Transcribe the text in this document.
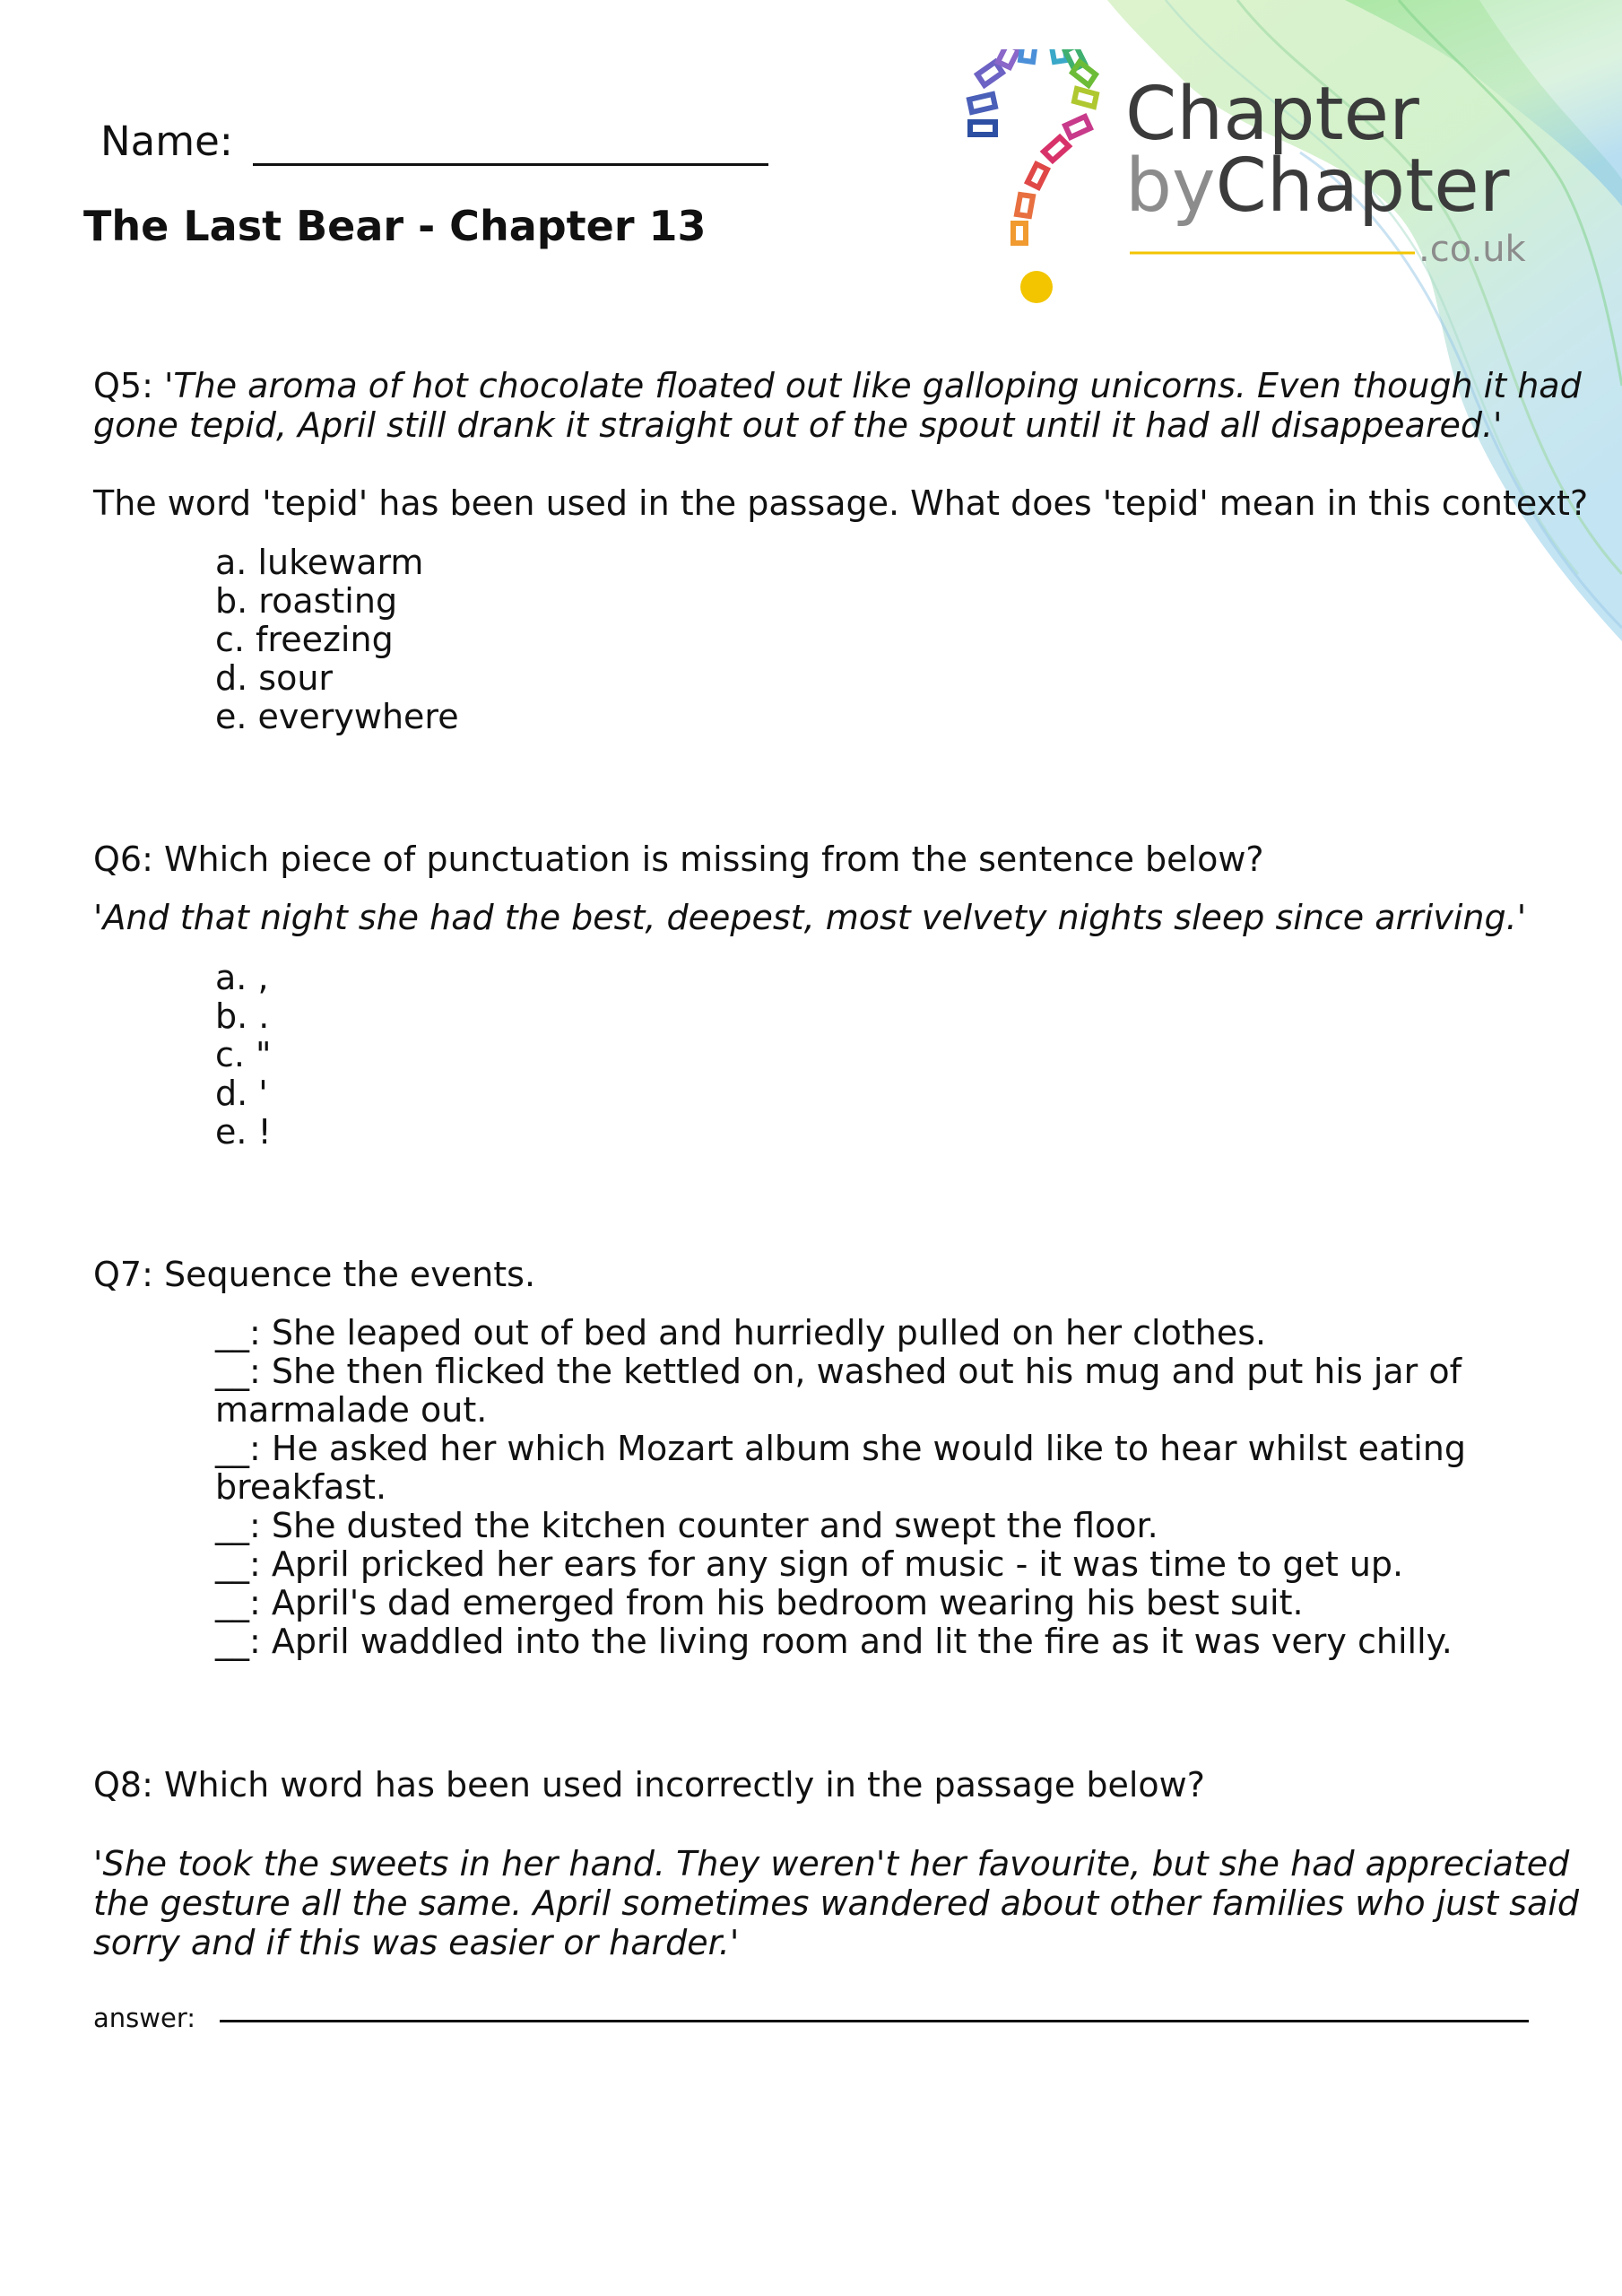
Chapter
byChapter
.co.uk
Name:
The Last Bear - Chapter 13
Q5: 'The aroma of hot chocolate floated out like galloping unicorns. Even though it had
gone tepid, April still drank it straight out of the spout until it had all disappeared.'
The word 'tepid' has been used in the passage. What does 'tepid' mean in this context?
a. lukewarm
b. roasting
c. freezing
d. sour
e. everywhere
Q6: Which piece of punctuation is missing from the sentence below?
'And that night she had the best, deepest, most velvety nights sleep since arriving.'
a. ,
b. .
c. "
d. '
e. !
Q7: Sequence the events.
__: She leaped out of bed and hurriedly pulled on her clothes.
__: She then flicked the kettled on, washed out his mug and put his jar of
marmalade out.
__: He asked her which Mozart album she would like to hear whilst eating
breakfast.
__: She dusted the kitchen counter and swept the floor.
__: April pricked her ears for any sign of music - it was time to get up.
__: April's dad emerged from his bedroom wearing his best suit.
__: April waddled into the living room and lit the fire as it was very chilly.
Q8: Which word has been used incorrectly in the passage below?
'She took the sweets in her hand. They weren't her favourite, but she had appreciated
the gesture all the same. April sometimes wandered about other families who just said
sorry and if this was easier or harder.'
answer:
